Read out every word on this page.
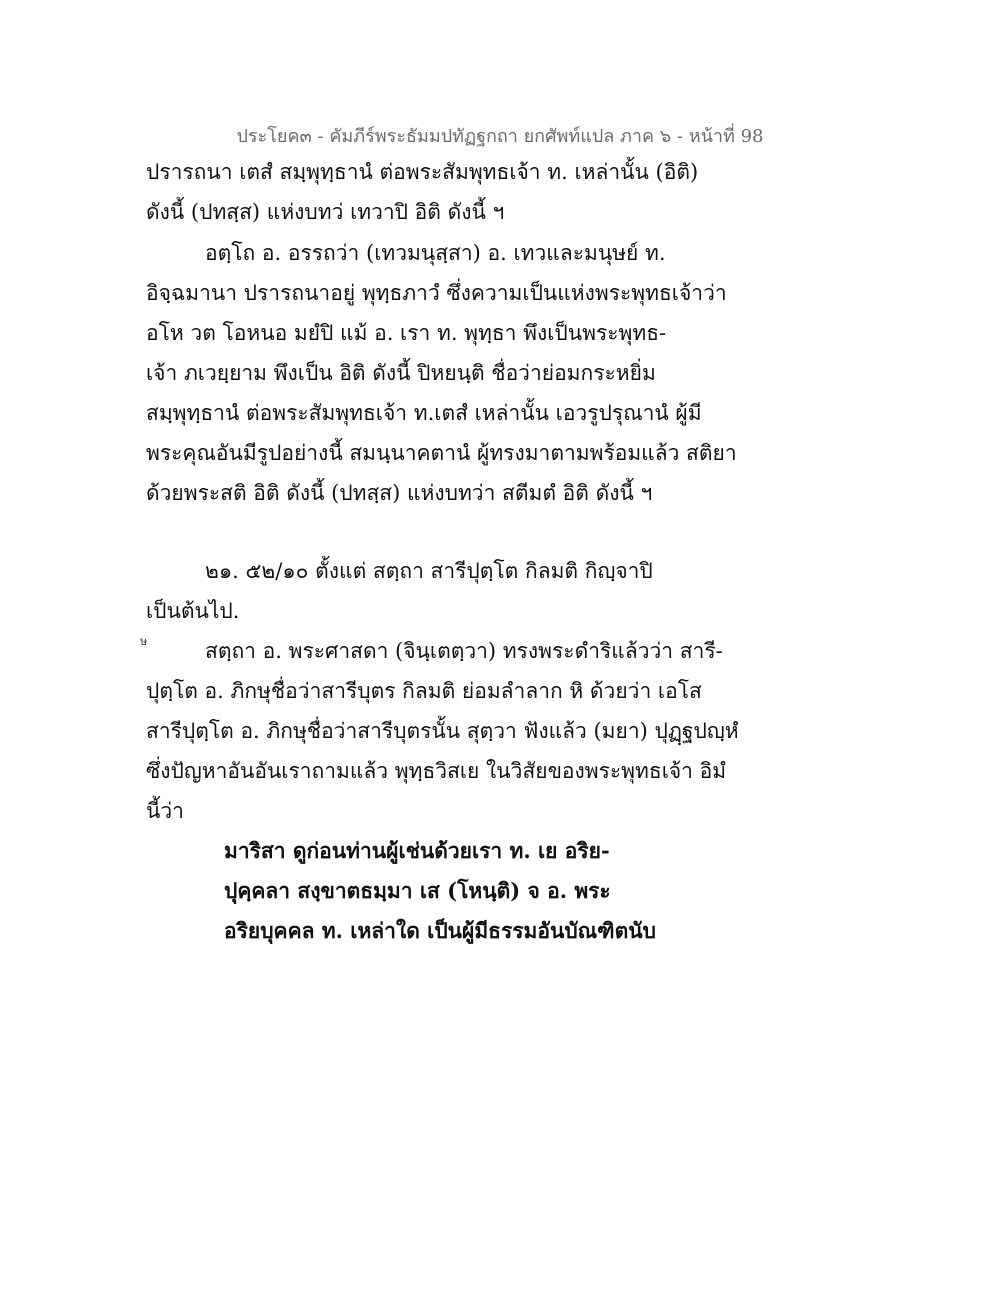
ประโยค๓ - คัมภีร์พระธัมมปทัฏฐกถา ยกศัพท์แปล ภาค ๖ - หน้าที่ 98
ปรารถนา เตสํ สมฺพุทฺธานํ ต่อพระสัมพุทธเจ้า ท. เหล่านั้น (อิติ)
ดังนี้ (ปทสฺส) แห่งบทว่ เทวาปิ อิติ ดังนี้ ฯ
อตฺโถ อ. อรรถว่า (เทวมนุสฺสา) อ. เทวและมนุษย์ ท.
อิจฺฉมานา ปรารถนาอยู่ พุทฺธภาวํ ซึ่งความเป็นแห่งพระพุทธเจ้าว่า
อโห วต โอหนอ มยํปิ แม้ อ. เรา ท. พุทฺธา พึงเป็นพระพุทธ-
เจ้า ภเวยฺยาม พึงเป็น อิติ ดังนี้ ปิหยนฺติ ชื่อว่าย่อมกระหยิ่ม
สมฺพุทฺธานํ ต่อพระสัมพุทธเจ้า ท.เตสํ เหล่านั้น เอวรูปรุณานํ ผู้มี
พระคุณอันมีรูปอย่างนี้ สมนฺนาคตานํ ผู้ทรงมาตามพร้อมแล้ว สติยา
ด้วยพระสติ อิติ ดังนี้ (ปทสฺส) แห่งบทว่า สตีมตํ อิติ ดังนี้ ฯ
๒๑. ๕๒/๑๐ ตั้งแต่ สตฺถา สารีปุตฺโต กิลมติ กิญฺจาปิ
เป็นต้นไป.
ษ	สตฺถา อ. พระศาสดา (จินฺเตตฺวา) ทรงพระดำริแล้วว่า สารี-
ปุตฺโต อ. ภิกษุชื่อว่าสารีบุตร กิลมติ ย่อมลำลาก หิ ด้วยว่า เอโส
สารีปุตฺโต อ. ภิกษุชื่อว่าสารีบุตรนั้น สุตฺวา ฟังแล้ว (มยา) ปุฏฺฐปญฺหํ
ซึ่งปัญหาอันอันเราถามแล้ว พุทฺธวิสเย ในวิสัยของพระพุทธเจ้า อิมํ
นี้ว่า
มาริสา ดูก่อนท่านผู้เช่นด้วยเรา ท. เย อริย-
ปุคฺคลา สงฺขาตธมฺมา เส (โหนฺติ) จ อ. พระ
อริยบุคคล ท. เหล่าใด เป็นผู้มีธรรมอันบัณฑิตนับ
